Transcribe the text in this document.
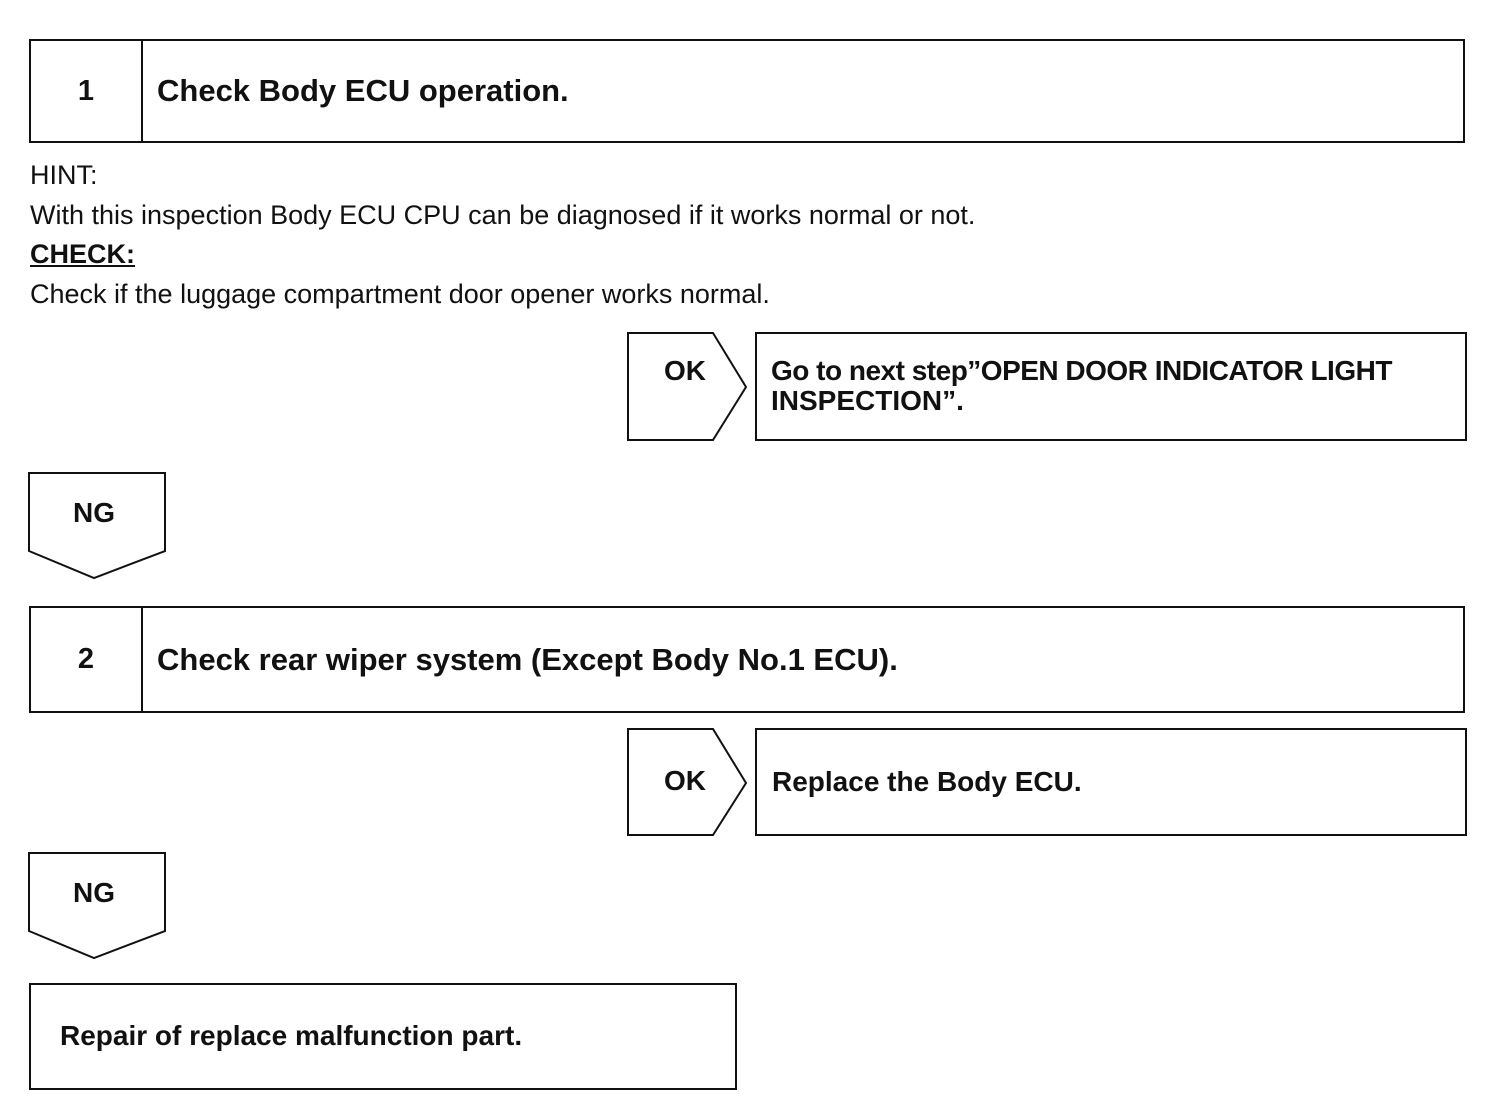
1	Check Body ECU operation.
HINT:
With this inspection Body ECU CPU can be diagnosed if it works normal or not.
CHECK:
Check if the luggage compartment door opener works normal.
OK	Go to next step”OPEN DOOR INDICATOR LIGHT
INSPECTION”.
NG
2	Check rear wiper system (Except Body No.1 ECU).
OK	Replace the Body ECU.
NG
Repair of replace malfunction part.
